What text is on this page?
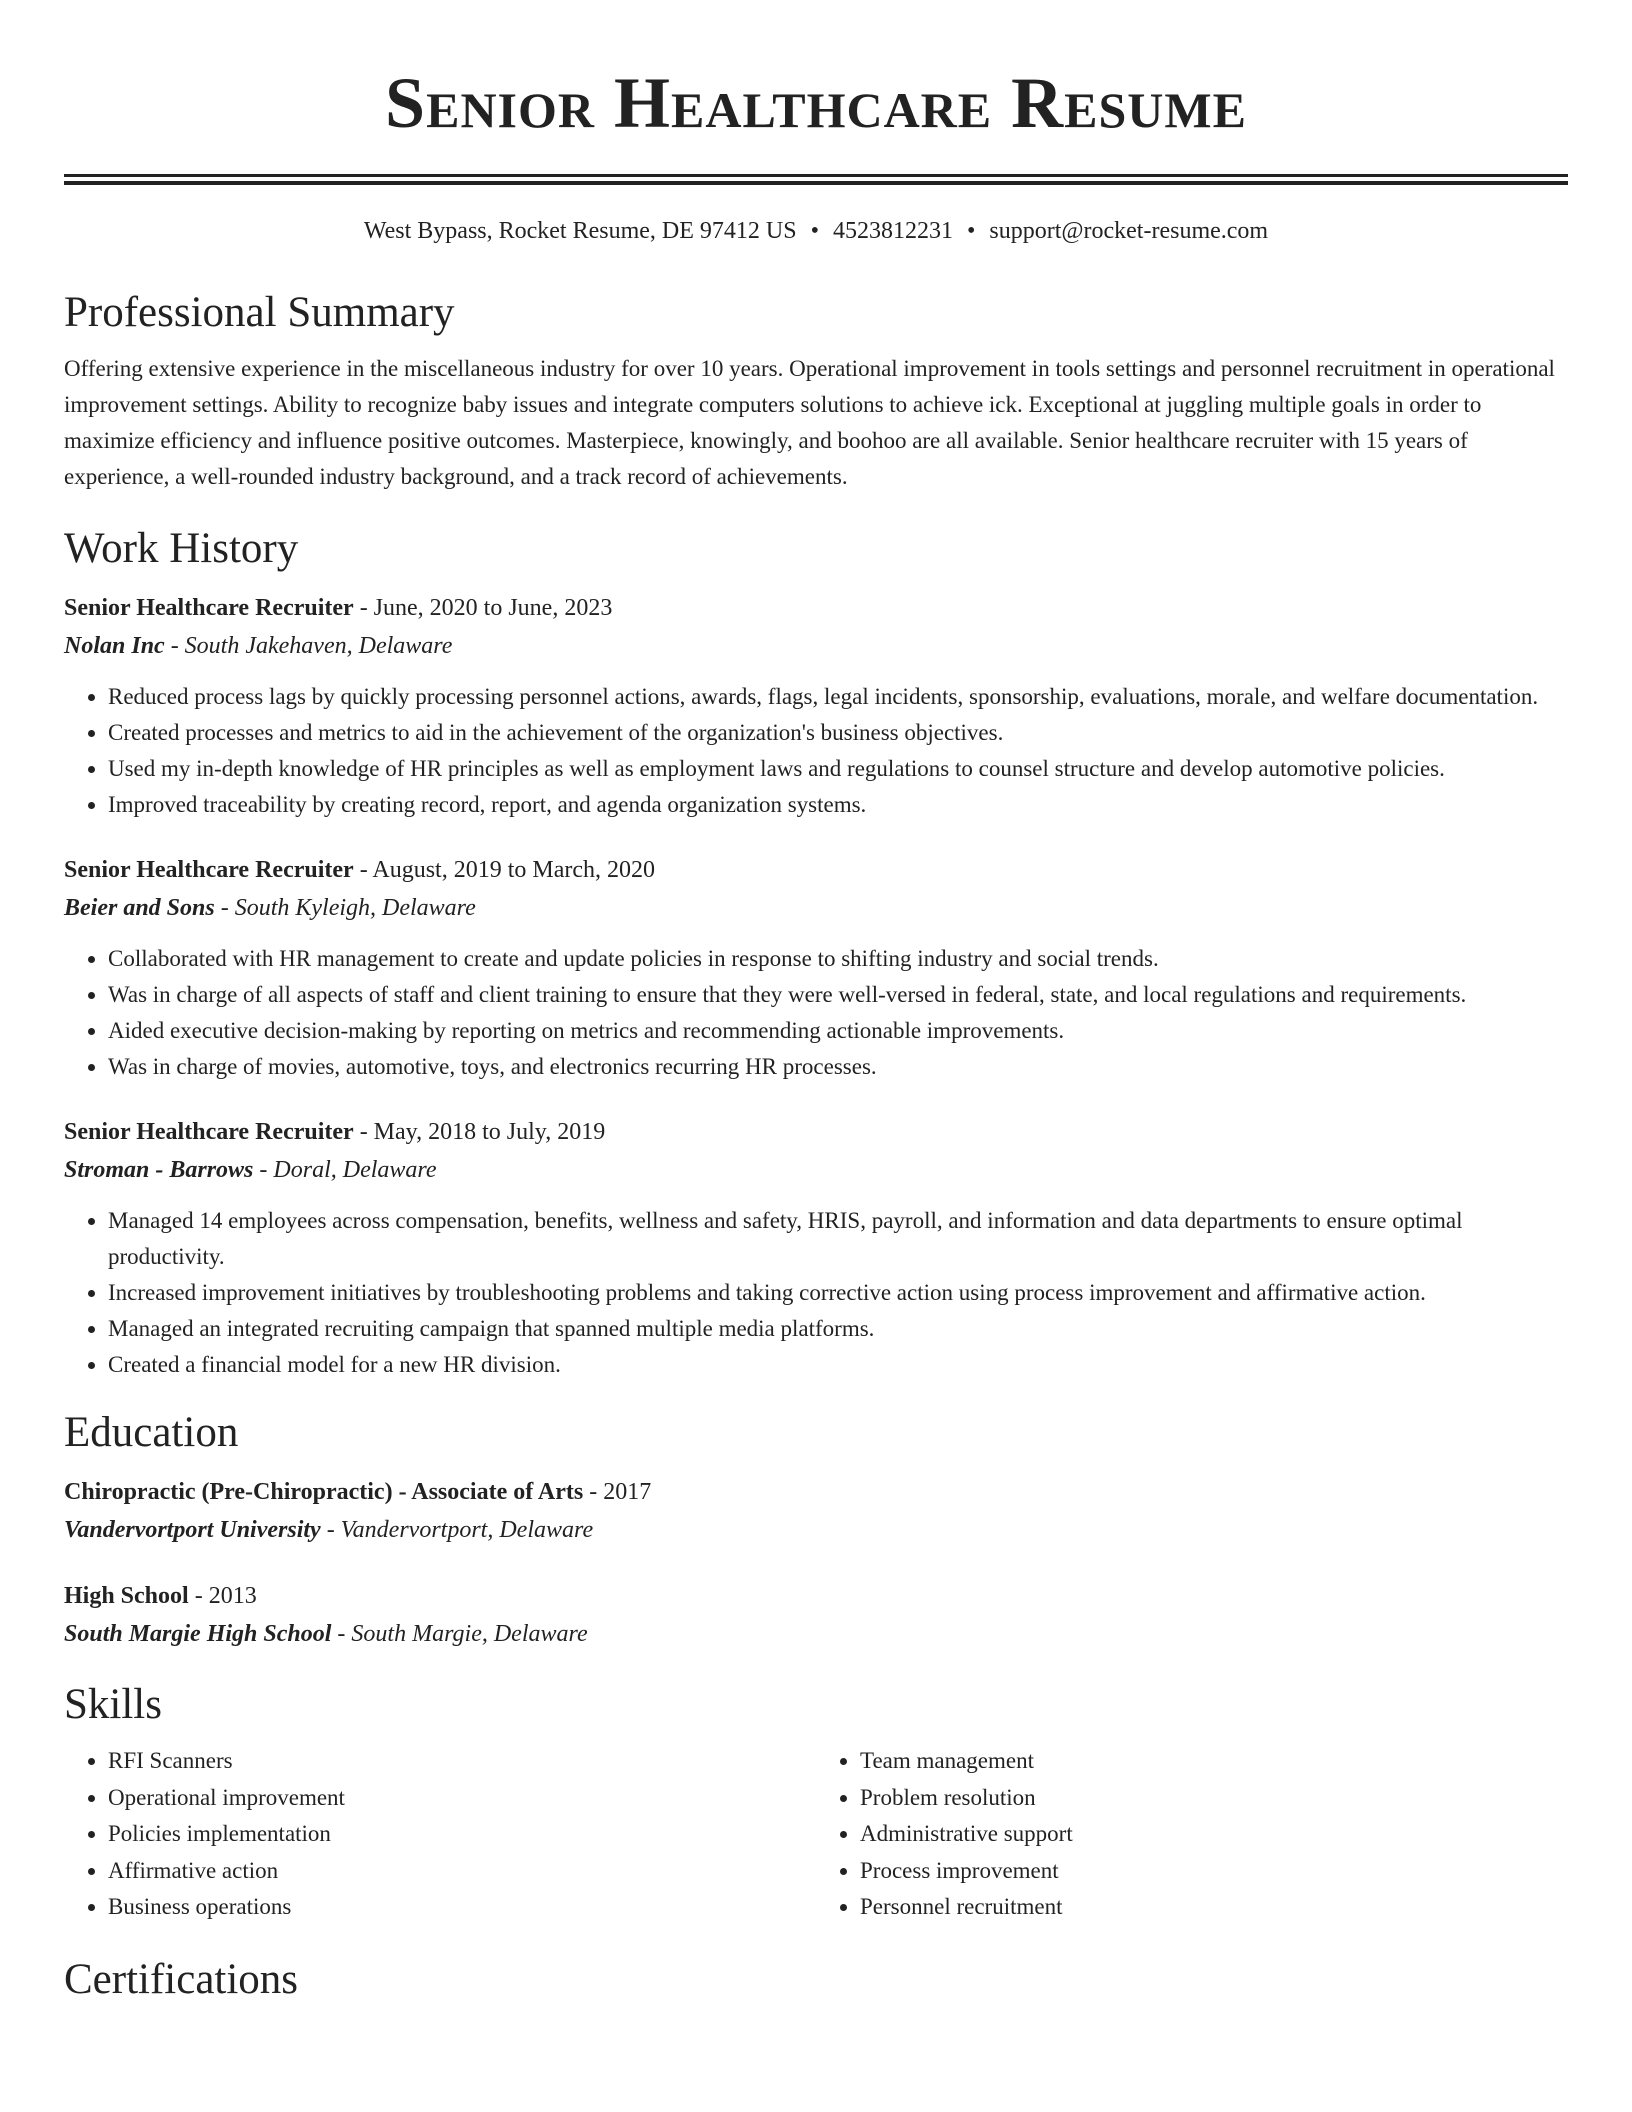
Senior Healthcare Resume
West Bypass, Rocket Resume, DE 97412 US • 4523812231 • support@rocket-resume.com
Professional Summary

Offering extensive experience in the miscellaneous industry for over 10 years. Operational improvement in tools settings and personnel recruitment in operational improvement settings. Ability to recognize baby issues and integrate computers solutions to achieve ick. Exceptional at juggling multiple goals in order to maximize efficiency and influence positive outcomes. Masterpiece, knowingly, and boohoo are all available. Senior healthcare recruiter with 15 years of experience, a well-rounded industry background, and a track record of achievements.

Work History
Senior Healthcare Recruiter - June, 2020 to June, 2023
Nolan Inc - South Jakehaven, Delaware
• Reduced process lags by quickly processing personnel actions, awards, flags, legal incidents, sponsorship, evaluations, morale, and welfare documentation.
• Created processes and metrics to aid in the achievement of the organization's business objectives.
• Used my in-depth knowledge of HR principles as well as employment laws and regulations to counsel structure and develop automotive policies.
• Improved traceability by creating record, report, and agenda organization systems.
Senior Healthcare Recruiter - August, 2019 to March, 2020
Beier and Sons - South Kyleigh, Delaware
• Collaborated with HR management to create and update policies in response to shifting industry and social trends.
• Was in charge of all aspects of staff and client training to ensure that they were well-versed in federal, state, and local regulations and requirements.
• Aided executive decision-making by reporting on metrics and recommending actionable improvements.
• Was in charge of movies, automotive, toys, and electronics recurring HR processes.
Senior Healthcare Recruiter - May, 2018 to July, 2019
Stroman - Barrows - Doral, Delaware
• Managed 14 employees across compensation, benefits, wellness and safety, HRIS, payroll, and information and data departments to ensure optimal productivity.
• Increased improvement initiatives by troubleshooting problems and taking corrective action using process improvement and affirmative action.
• Managed an integrated recruiting campaign that spanned multiple media platforms.
• Created a financial model for a new HR division.
Education
Chiropractic (Pre-Chiropractic) - Associate of Arts - 2017
Vandervortport University - Vandervortport, Delaware
High School - 2013
South Margie High School - South Margie, Delaware
Skills
• RFI Scanners
• Operational improvement
• Policies implementation
• Affirmative action
• Business operations
• Team management
• Problem resolution
• Administrative support
• Process improvement
• Personnel recruitment
Certifications
